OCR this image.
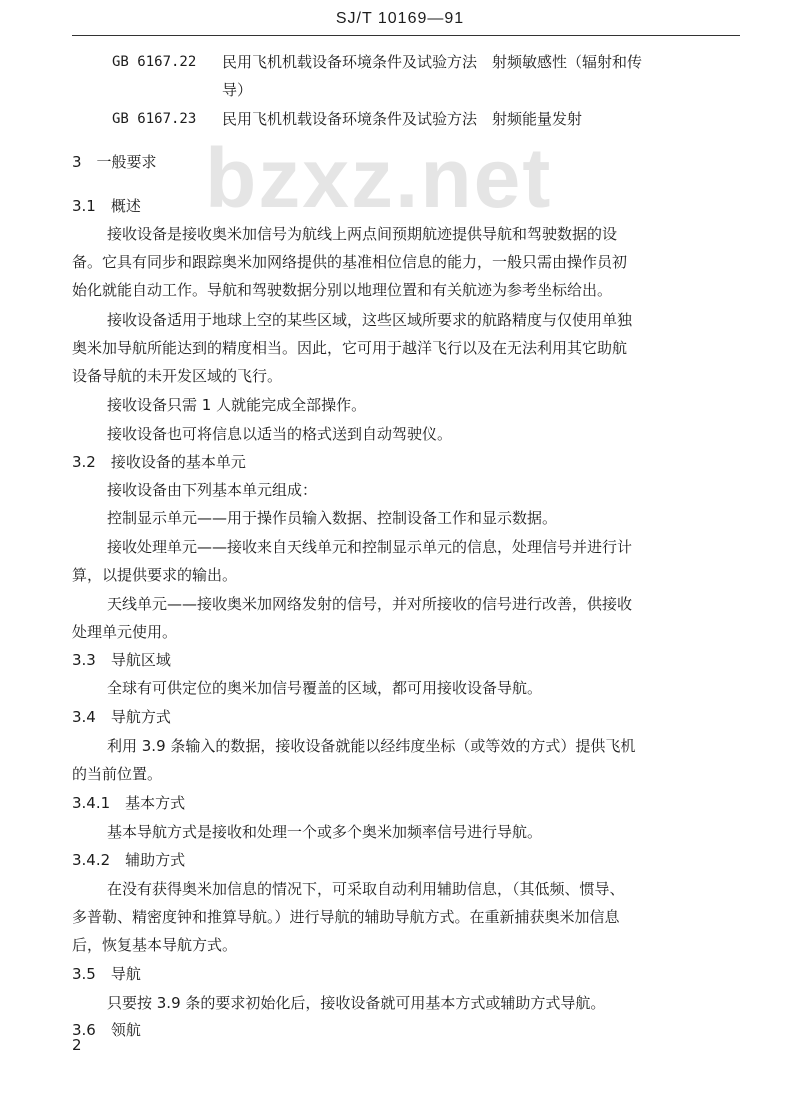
SJ/T 10169—91
bzxz.net
GB 6167.22 民用飞机机载设备环境条件及试验方法　射频敏感性（辐射和传
导）
GB 6167.23 民用飞机机载设备环境条件及试验方法　射频能量发射
3　一般要求
3.1　概述
接收设备是接收奥米加信号为航线上两点间预期航迹提供导航和驾驶数据的设
备。它具有同步和跟踪奥米加网络提供的基准相位信息的能力，一般只需由操作员初
始化就能自动工作。导航和驾驶数据分别以地理位置和有关航迹为参考坐标给出。
接收设备适用于地球上空的某些区域，这些区域所要求的航路精度与仅使用单独
奥米加导航所能达到的精度相当。因此，它可用于越洋飞行以及在无法利用其它助航
设备导航的未开发区域的飞行。
接收设备只需 1 人就能完成全部操作。
接收设备也可将信息以适当的格式送到自动驾驶仪。
3.2　接收设备的基本单元
接收设备由下列基本单元组成：
控制显示单元——用于操作员输入数据、控制设备工作和显示数据。
接收处理单元——接收来自天线单元和控制显示单元的信息，处理信号并进行计
算，以提供要求的输出。
天线单元——接收奥米加网络发射的信号，并对所接收的信号进行改善，供接收
处理单元使用。
3.3　导航区域
全球有可供定位的奥米加信号覆盖的区域，都可用接收设备导航。
3.4　导航方式
利用 3.9 条输入的数据，接收设备就能以经纬度坐标（或等效的方式）提供飞机
的当前位置。
3.4.1　基本方式
基本导航方式是接收和处理一个或多个奥米加频率信号进行导航。
3.4.2　辅助方式
在没有获得奥米加信息的情况下，可采取自动利用辅助信息，（其低频、惯导、
多普勒、精密度钟和推算导航。）进行导航的辅助导航方式。在重新捕获奥米加信息
后，恢复基本导航方式。
3.5　导航
只要按 3.9 条的要求初始化后，接收设备就可用基本方式或辅助方式导航。
3.6　领航
2
